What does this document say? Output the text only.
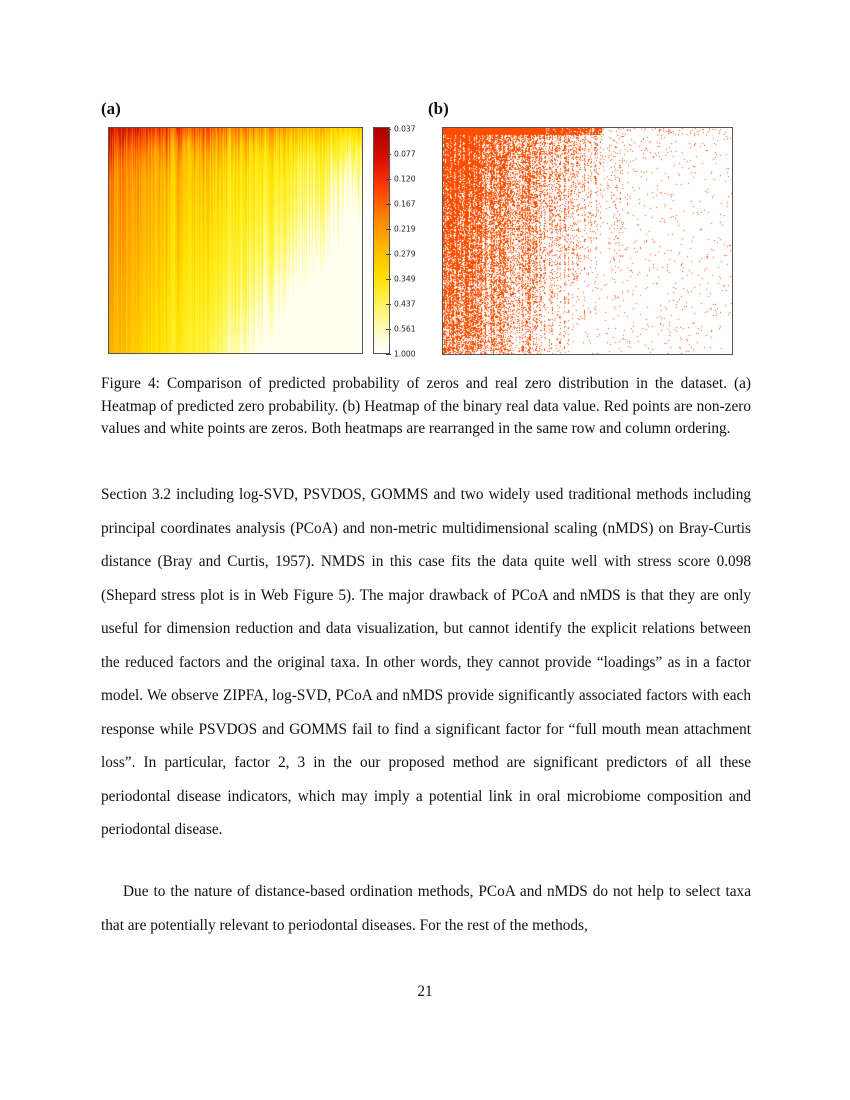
(a)	(b)
0.037
0.077
0.120
0.167
0.219
0.279
0.349
0.437
0.561
1.000
Figure 4: Comparison of predicted probability of zeros and real zero distribution in the dataset. (a) Heatmap of predicted zero probability. (b) Heatmap of the binary real data value. Red points are non-zero values and white points are zeros. Both heatmaps are rearranged in the same row and column ordering.
Section 3.2 including log-SVD, PSVDOS, GOMMS and two widely used traditional methods including principal coordinates analysis (PCoA) and non-metric multidimensional scaling (nMDS) on Bray-Curtis distance (Bray and Curtis, 1957). NMDS in this case fits the data quite well with stress score 0.098 (Shepard stress plot is in Web Figure 5). The major drawback of PCoA and nMDS is that they are only useful for dimension reduction and data visualization, but cannot identify the explicit relations between the reduced factors and the original taxa. In other words, they cannot provide “loadings” as in a factor model. We observe ZIPFA, log-SVD, PCoA and nMDS provide significantly associated factors with each response while PSVDOS and GOMMS fail to find a significant factor for “full mouth mean attachment loss”. In particular, factor 2, 3 in the our proposed method are significant predictors of all these periodontal disease indicators, which may imply a potential link in oral microbiome composition and periodontal disease.
Due to the nature of distance-based ordination methods, PCoA and nMDS do not help to select taxa that are potentially relevant to periodontal diseases. For the rest of the methods,
21
